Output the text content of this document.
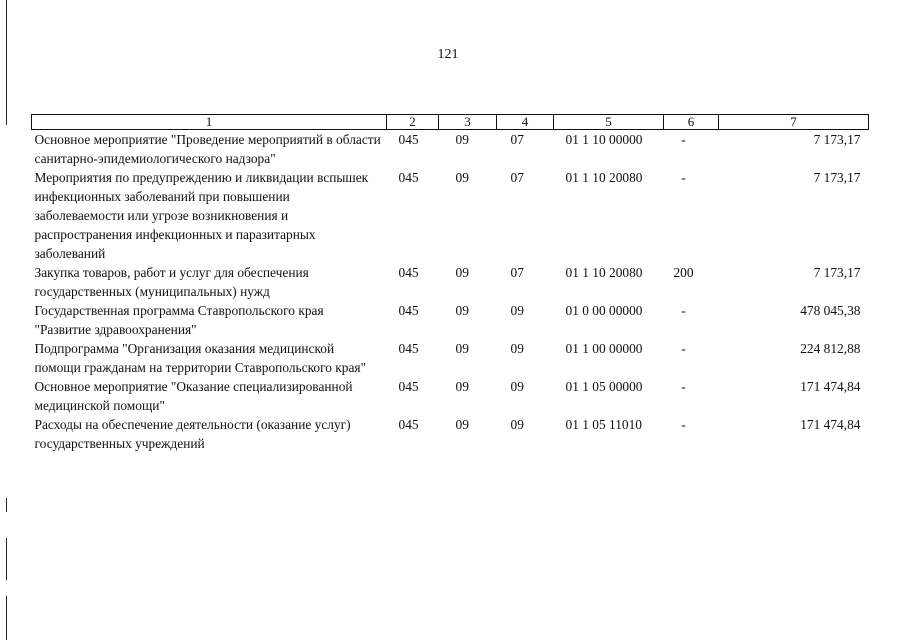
121
1	2	3	4	5	6	7
Основное мероприятие "Проведение мероприятий в области санитарно-эпидемиологического надзора"	045	09	07	01 1 10 00000	-	7 173,17
Мероприятия по предупреждению и ликвидации вспышек инфекционных заболеваний при повышении заболеваемости или угрозе возникновения и распространения инфекционных и паразитарных заболеваний	045	09	07	01 1 10 20080	-	7 173,17
Закупка товаров, работ и услуг для обеспечения государственных (муниципальных) нужд	045	09	07	01 1 10 20080	200	7 173,17
Государственная программа Ставропольского края "Развитие здравоохранения"	045	09	09	01 0 00 00000	-	478 045,38
Подпрограмма "Организация оказания медицинской помощи гражданам на территории Ставропольского края"	045	09	09	01 1 00 00000	-	224 812,88
Основное мероприятие "Оказание специализированной медицинской помощи"	045	09	09	01 1 05 00000	-	171 474,84
Расходы на обеспечение деятельности (оказание услуг) государственных учреждений	045	09	09	01 1 05 11010	-	171 474,84
